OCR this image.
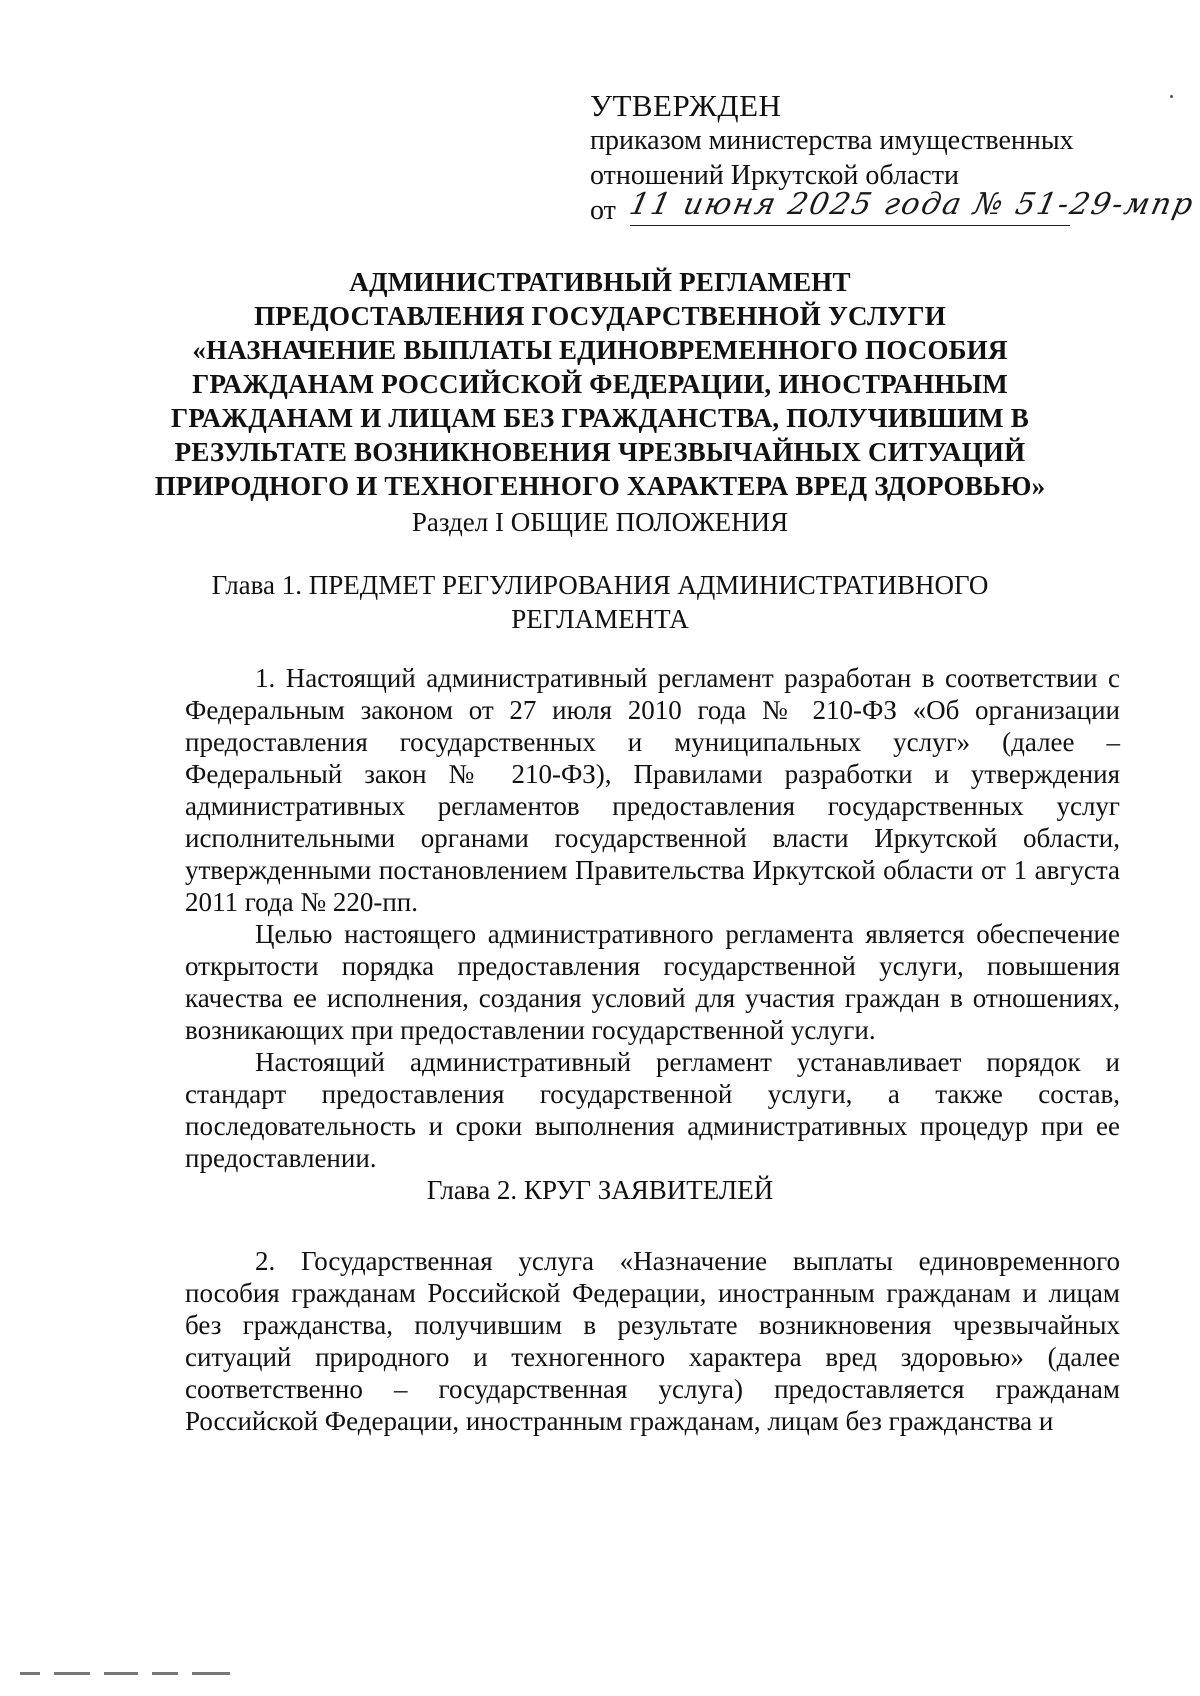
УТВЕРЖДЕН
приказом министерства имущественных
отношений Иркутской области
от 11 июня 2025 года № 51-29-мпр
АДМИНИСТРАТИВНЫЙ РЕГЛАМЕНТ
ПРЕДОСТАВЛЕНИЯ ГОСУДАРСТВЕННОЙ УСЛУГИ
«НАЗНАЧЕНИЕ ВЫПЛАТЫ ЕДИНОВРЕМЕННОГО ПОСОБИЯ
ГРАЖДАНАМ РОССИЙСКОЙ ФЕДЕРАЦИИ, ИНОСТРАННЫМ
ГРАЖДАНАМ И ЛИЦАМ БЕЗ ГРАЖДАНСТВА, ПОЛУЧИВШИМ В
РЕЗУЛЬТАТЕ ВОЗНИКНОВЕНИЯ ЧРЕЗВЫЧАЙНЫХ СИТУАЦИЙ
ПРИРОДНОГО И ТЕХНОГЕННОГО ХАРАКТЕРА ВРЕД ЗДОРОВЬЮ»
Раздел I ОБЩИЕ ПОЛОЖЕНИЯ
Глава 1. ПРЕДМЕТ РЕГУЛИРОВАНИЯ АДМИНИСТРАТИВНОГО
РЕГЛАМЕНТА

1. Настоящий административный регламент разработан в соответствии с Федеральным законом от 27 июля 2010 года № 210-ФЗ «Об организации предоставления государственных и муниципальных услуг» (далее – Федеральный закон № 210-ФЗ), Правилами разработки и утверждения административных регламентов предоставления государственных услуг исполнительными органами государственной власти Иркутской области, утвержденными постановлением Правительства Иркутской области от 1 августа 2011 года № 220-пп.

Целью настоящего административного регламента является обеспечение открытости порядка предоставления государственной услуги, повышения качества ее исполнения, создания условий для участия граждан в отношениях, возникающих при предоставлении государственной услуги.

Настоящий административный регламент устанавливает порядок и стандарт предоставления государственной услуги, а также состав, последовательность и сроки выполнения административных процедур при ее предоставлении.

Глава 2. КРУГ ЗАЯВИТЕЛЕЙ

2. Государственная услуга «Назначение выплаты единовременного пособия гражданам Российской Федерации, иностранным гражданам и лицам без гражданства, получившим в результате возникновения чрезвычайных ситуаций природного и техногенного характера вред здоровью» (далее соответственно – государственная услуга) предоставляется гражданам Российской Федерации, иностранным гражданам, лицам без гражданства и
